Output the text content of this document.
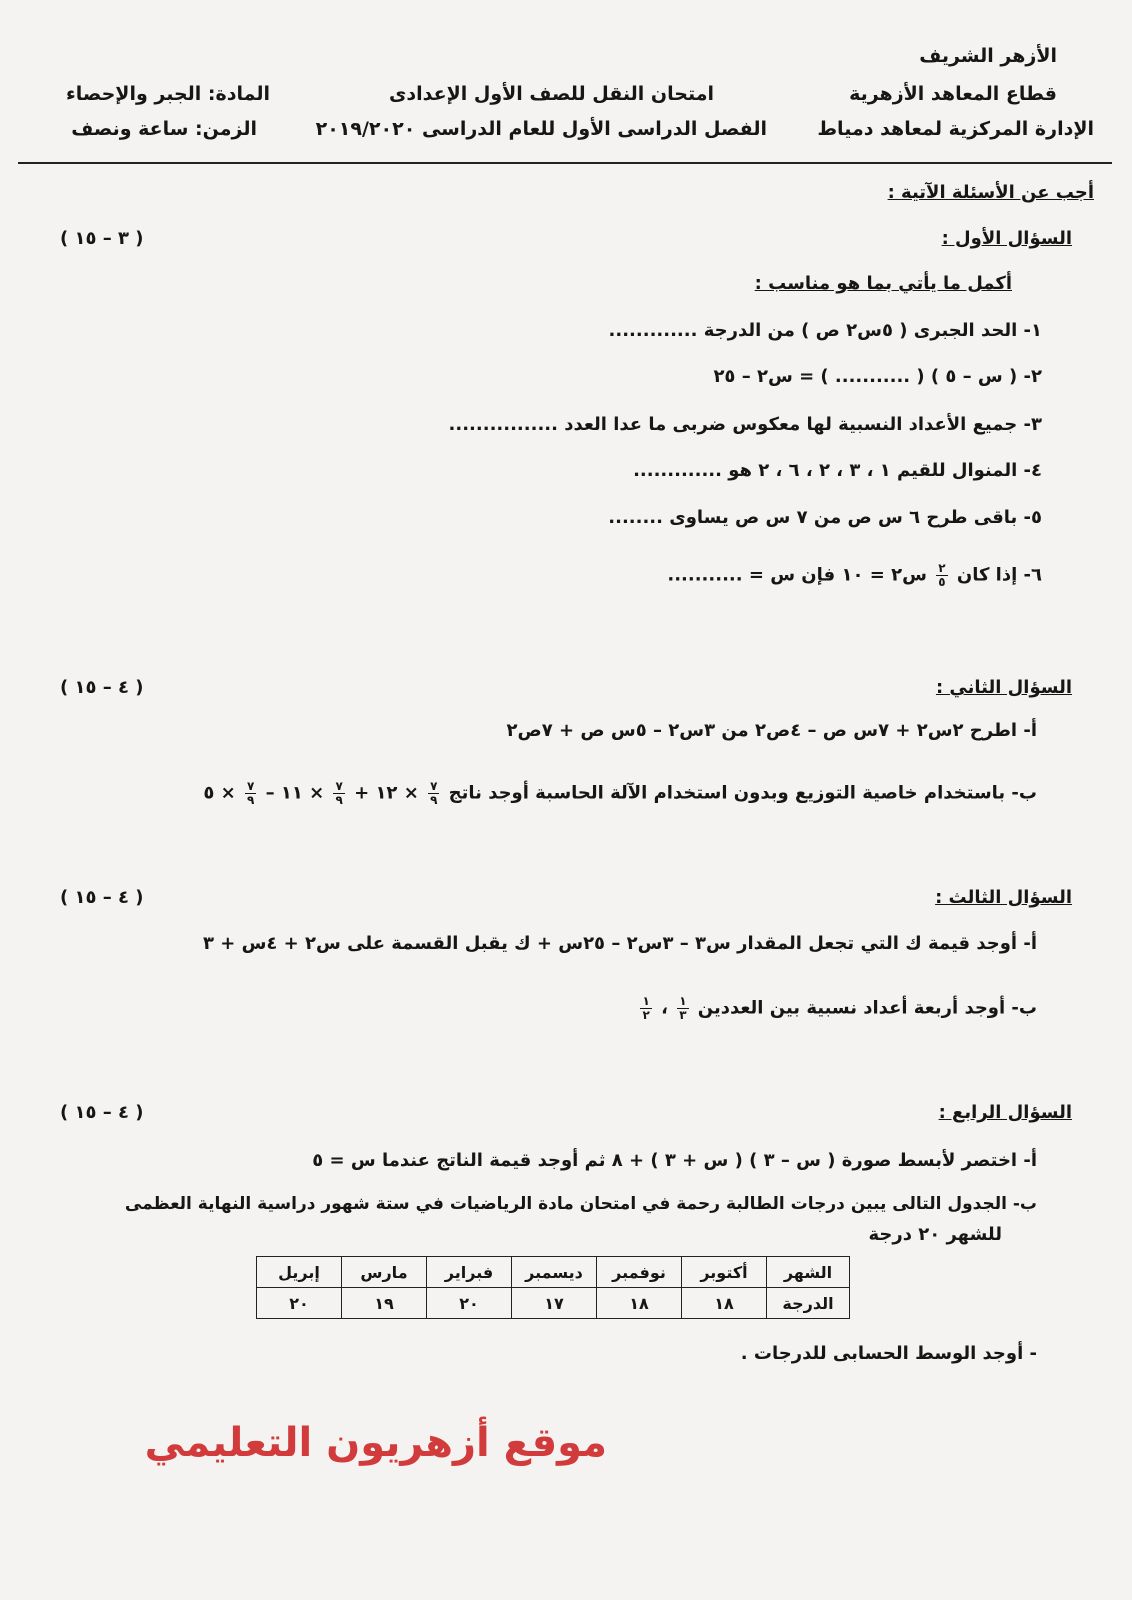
الأزهر الشريف
قطاع المعاهد الأزهرية
الإدارة المركزية لمعاهد دمياط
امتحان النقل للصف الأول الإعدادى
الفصل الدراسى الأول للعام الدراسى ٢٠١٩/٢٠٢٠
المادة: الجبر والإحصاء
الزمن: ساعة ونصف
أجب عن الأسئلة الآتية :
السؤال الأول :
( ٣ – ١٥ )
أكمل ما يأتي بما هو مناسب :
١- الحد الجبرى ( ٥س٢ ص ) من الدرجة .............
٢- ( س – ٥ ) ( ........... ) = س٢ – ٢٥
٣- جميع الأعداد النسبية لها معكوس ضربى ما عدا العدد ................
٤- المنوال للقيم ١ ، ٣ ، ٢ ، ٦ ، ٢ هو .............
٥- باقى طرح ٦ س ص من ٧ س ص يساوى ........
٦- إذا كان
$\frac{٢}{٥}$
س٢ = ١٠ فإن س = ...........
السؤال الثاني :
( ٤ – ١٥ )
أ- اطرح ٢س٢ + ٧س ص – ٤ص٢ من ٣س٢ – ٥س ص + ٧ص٢
ب- باستخدام خاصية التوزيع وبدون استخدام الآلة الحاسبة أوجد ناتج
$\frac{٧}{٩}$
× ١٢ +
$\frac{٧}{٩}$
× ١١ –
$\frac{٧}{٩}$
× ٥
السؤال الثالث :
( ٤ – ١٥ )
أ- أوجد قيمة ك التي تجعل المقدار س٣ – ٣س٢ – ٢٥س + ك يقبل القسمة على س٢ + ٤س + ٣
ب- أوجد أربعة أعداد نسبية بين العددين
$\frac{١}{٣}$
،
$\frac{١}{٢}$
السؤال الرابع :
( ٤ – ١٥ )
أ- اختصر لأبسط صورة ( س – ٣ ) ( س + ٣ ) + ٨ ثم أوجد قيمة الناتج عندما س = ٥
ب- الجدول التالى يبين درجات الطالبة رحمة في امتحان مادة الرياضيات في ستة شهور دراسية النهاية العظمى
للشهر ٢٠ درجة
الشهر	أكتوبر	نوفمبر	ديسمبر	فبراير	مارس	إبريل
الدرجة	١٨	١٨	١٧	٢٠	١٩	٢٠
- أوجد الوسط الحسابى للدرجات .
موقع أزهريون التعليمي
